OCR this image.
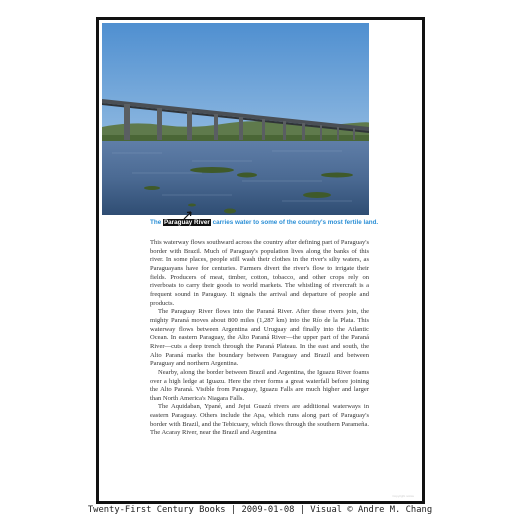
The Paraguay River carries water to some of the country's most fertile land.

This waterway flows southward across the country after defining part of Paraguay's border with Brazil. Much of Paraguay's population lives along the banks of this river. In some places, people still wash their clothes in the river's silty waters, as Paraguayans have for centuries. Farmers divert the river's flow to irrigate their fields. Producers of meat, timber, cotton, tobacco, and other crops rely on riverboats to carry their goods to world markets. The whistling of rivercraft is a frequent sound in Paraguay. It signals the arrival and departure of people and products.

The Paraguay River flows into the Paraná River. After these rivers join, the mighty Paraná moves about 800 miles (1,287 km) into the Río de la Plata. This waterway flows between Argentina and Uruguay and finally into the Atlantic Ocean. In eastern Paraguay, the Alto Paraná River—the upper part of the Paraná River—cuts a deep trench through the Paraná Plateau. In the east and south, the Alto Paraná marks the boundary between Paraguay and Brazil and between Paraguay and northern Argentina.

Nearby, along the border between Brazil and Argentina, the Iguazu River foams over a high ledge at Iguazu. Here the river forms a great waterfall before joining the Alto Paraná. Visible from Paraguay, Iguazu Falls are much higher and larger than North America's Niagara Falls.

The Aquidaban, Ypané, and Jejui Guazú rivers are additional waterways in eastern Paraguay. Others include the Apa, which runs along part of Paraguay's border with Brazil, and the Tebicuary, which flows through the southern Parameña. The Acaray River, near the Brazil and Argentina

Copyright notice
Twenty-First Century Books | 2009-01-08 | Visual © Andre M. Chang
